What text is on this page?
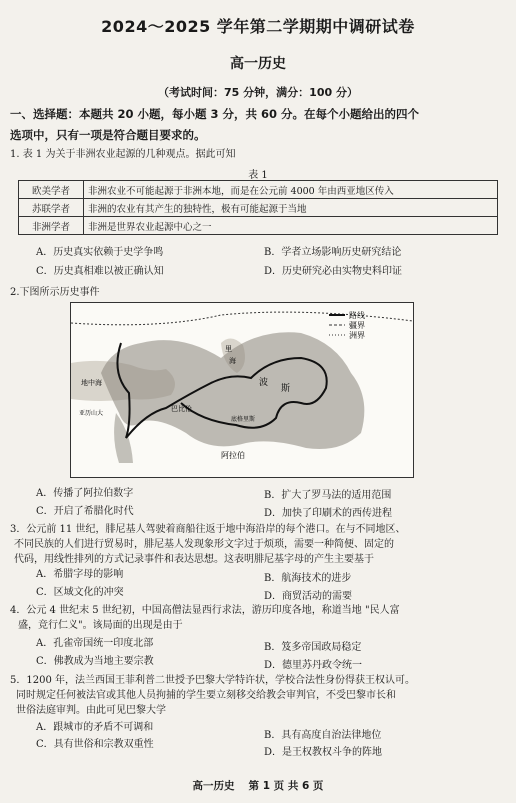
2024～2025 学年第二学期期中调研试卷
高一历史
（考试时间：75 分钟，满分：100 分）
一、选择题：本题共 20 小题，每小题 3 分，共 60 分。在每个小题给出的四个
选项中，只有一项是符合题目要求的。
1. 表 1 为关于非洲农业起源的几种观点。据此可知
表 1
欧美学者	非洲农业不可能起源于非洲本地，而是在公元前 4000 年由西亚地区传入
苏联学者	非洲的农业有其产生的独特性，极有可能起源于当地
非洲学者	非洲是世界农业起源中心之一
A．历史真实依赖于史学争鸣	B．学者立场影响历史研究结论
C．历史真相难以被正确认知	D．历史研究必由实物史料印证
2.下图所示历史事件
路线
疆界
洲界
阿拉伯
巴比伦
斯
波
底格里斯
亚历山大
地中海
里
海
A．传播了阿拉伯数字	B．扩大了罗马法的适用范围
C．开启了希腊化时代	D．加快了印刷术的西传进程
3．公元前 11 世纪，腓尼基人驾驶着商船往返于地中海沿岸的每个港口。在与不同地区、
不同民族的人们进行贸易时，腓尼基人发现象形文字过于烦琐，需要一种简便、固定的
代码，用线性排列的方式记录事件和表达思想。这表明腓尼基字母的产生主要基于
A．希腊字母的影响	B．航海技术的进步
C．区域文化的冲突	D．商贸活动的需要
4．公元 4 世纪末 5 世纪初，中国高僧法显西行求法，游历印度各地，称道当地 "民人富
盛，竞行仁义"。该局面的出现是由于
A．孔雀帝国统一印度北部	B．笈多帝国政局稳定
C．佛教成为当地主要宗教	D．德里苏丹政令统一
5．1200 年，法兰西国王菲利普二世授予巴黎大学特许状，学校合法性身份得获王权认可。
同时规定任何被法官或其他人员拘捕的学生要立刻移交给教会审判官，不受巴黎市长和
世俗法庭审判。由此可见巴黎大学
A．跟城市的矛盾不可调和
B．具有高度自治法律地位
C．具有世俗和宗教双重性
D．是王权教权斗争的阵地
高一历史 第 1 页 共 6 页
